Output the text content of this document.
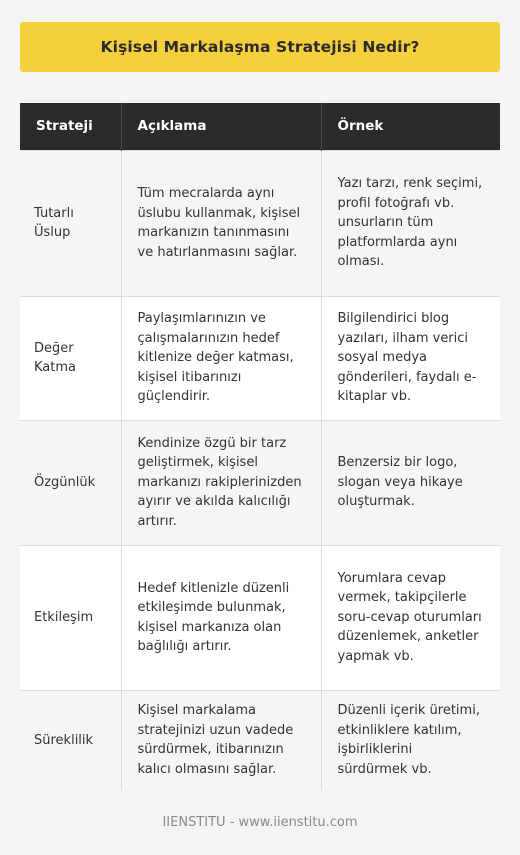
Kişisel Markalaşma Stratejisi Nedir?
Strateji	Açıklama	Örnek
Tutarlı Üslup	Tüm mecralarda aynı üslubu kullanmak, kişisel markanızın tanınmasını ve hatırlanmasını sağlar.	Yazı tarzı, renk seçimi, profil fotoğrafı vb. unsurların tüm platformlarda aynı olması.
Değer Katma	Paylaşımlarınızın ve çalışmalarınızın hedef kitlenize değer katması, kişisel itibarınızı güçlendirir.	Bilgilendirici blog yazıları, ilham verici sosyal medya gönderileri, faydalı e-kitaplar vb.
Özgünlük	Kendinize özgü bir tarz geliştirmek, kişisel markanızı rakiplerinizden ayırır ve akılda kalıcılığı artırır.	Benzersiz bir logo, slogan veya hikaye oluşturmak.
Etkileşim	Hedef kitlenizle düzenli etkileşimde bulunmak, kişisel markanıza olan bağlılığı artırır.	Yorumlara cevap vermek, takipçilerle soru-cevap oturumları düzenlemek, anketler yapmak vb.
Süreklilik	Kişisel markalama stratejinizi uzun vadede sürdürmek, itibarınızın kalıcı olmasını sağlar.	Düzenli içerik üretimi, etkinliklere katılım, işbirliklerini sürdürmek vb.
IIENSTITU - www.iienstitu.com
